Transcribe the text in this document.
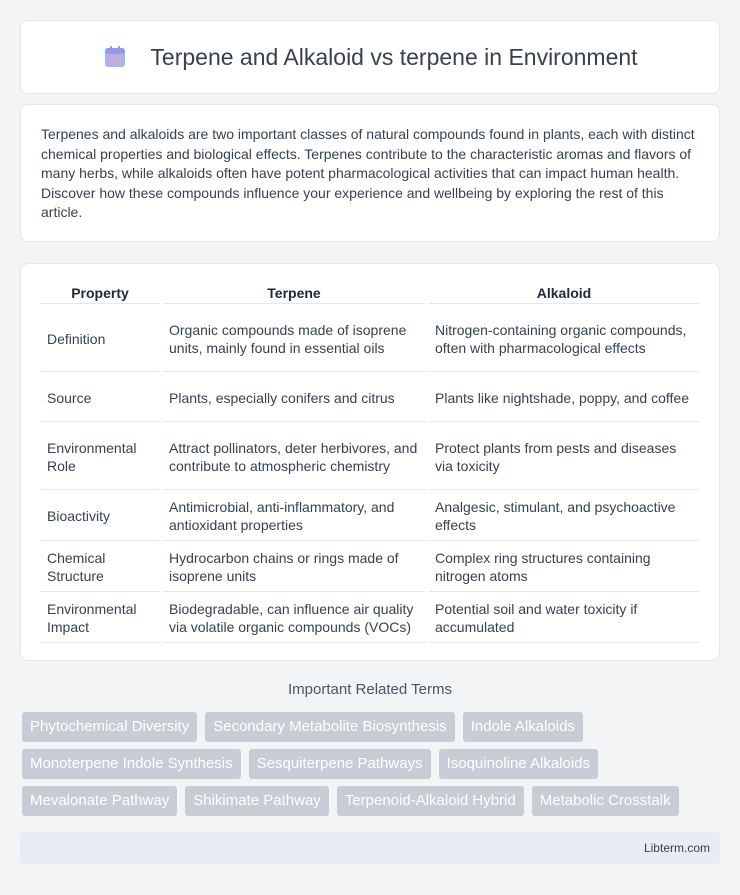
Terpene and Alkaloid vs terpene in Environment

Terpenes and alkaloids are two important classes of natural compounds found in plants, each with distinct chemical properties and biological effects. Terpenes contribute to the characteristic aromas and flavors of many herbs, while alkaloids often have potent pharmacological activities that can impact human health. Discover how these compounds influence your experience and wellbeing by exploring the rest of this article.

Property	Terpene	Alkaloid
Definition	Organic compounds made of isoprene units, mainly found in essential oils	Nitrogen-containing organic compounds, often with pharmacological effects
Source	Plants, especially conifers and citrus	Plants like nightshade, poppy, and coffee
Environmental Role	Attract pollinators, deter herbivores, and contribute to atmospheric chemistry	Protect plants from pests and diseases via toxicity
Bioactivity	Antimicrobial, anti-inflammatory, and antioxidant properties	Analgesic, stimulant, and psychoactive effects
Chemical Structure	Hydrocarbon chains or rings made of isoprene units	Complex ring structures containing nitrogen atoms
Environmental Impact	Biodegradable, can influence air quality via volatile organic compounds (VOCs)	Potential soil and water toxicity if accumulated
Important Related Terms
Phytochemical Diversity	Secondary Metabolite Biosynthesis	Indole Alkaloids
Monoterpene Indole Synthesis	Sesquiterpene Pathways	Isoquinoline Alkaloids
Mevalonate Pathway	Shikimate Pathway	Terpenoid-Alkaloid Hybrid	Metabolic Crosstalk
Libterm.com
